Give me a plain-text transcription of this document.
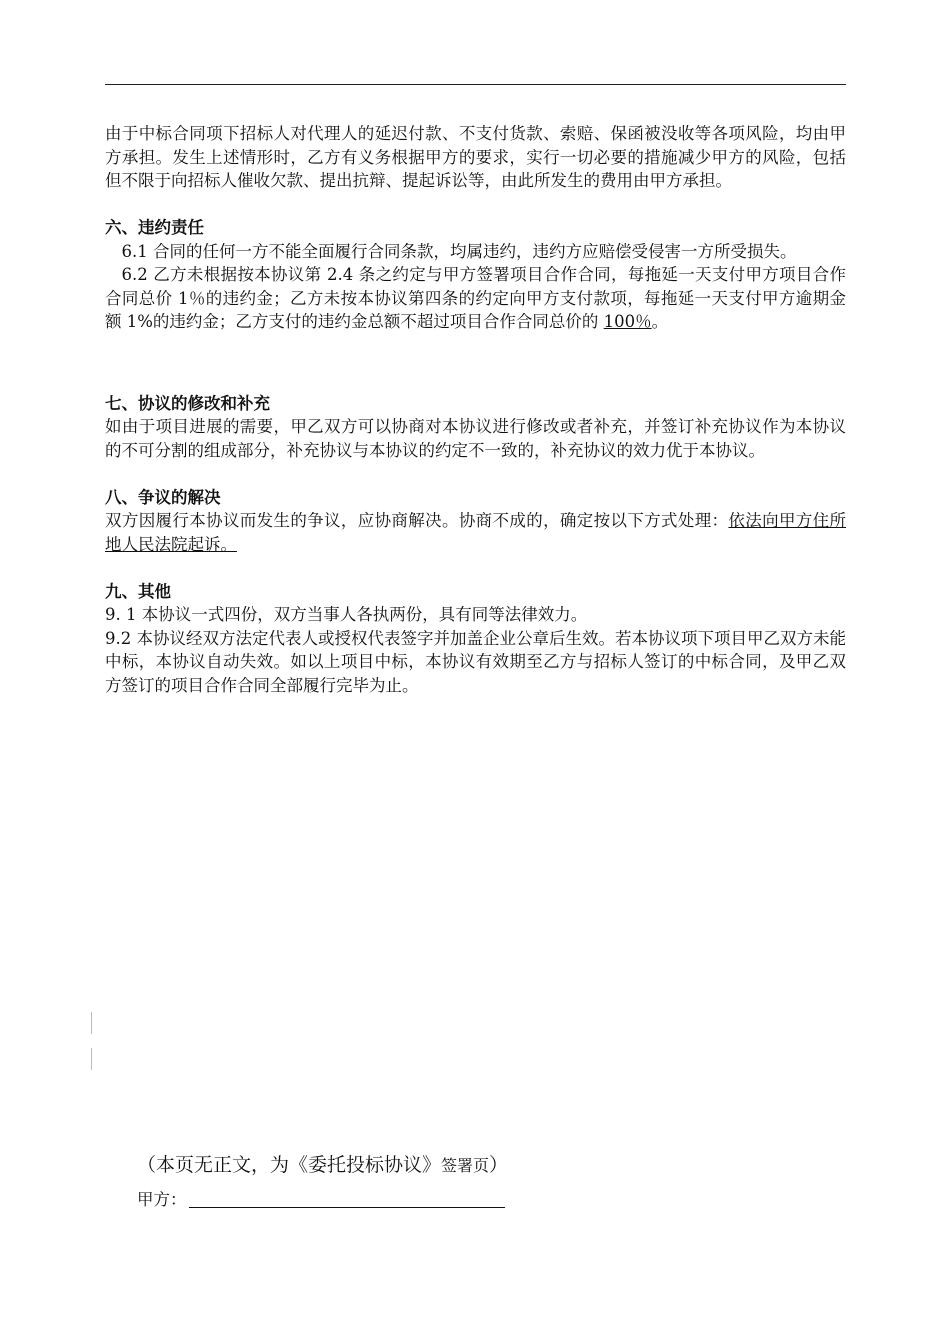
由于中标合同项下招标人对代理人的延迟付款、不支付货款、索赔、保函被没收等各项风险，均由甲方承担。发生上述情形时，乙方有义务根据甲方的要求，实行一切必要的措施减少甲方的风险，包括但不限于向招标人催收欠款、提出抗辩、提起诉讼等，由此所发生的费用由甲方承担。

六、违约责任

6.1 合同的任何一方不能全面履行合同条款，均属违约，违约方应赔偿受侵害一方所受损失。

6.2 乙方未根据按本协议第 2.4 条之约定与甲方签署项目合作合同，每拖延一天支付甲方项目合作合同总价 1％的违约金；乙方未按本协议第四条的约定向甲方支付款项，每拖延一天支付甲方逾期金额 1%的违约金；乙方支付的违约金总额不超过项目合作合同总价的 100％。

七、协议的修改和补充

如由于项目进展的需要，甲乙双方可以协商对本协议进行修改或者补充，并签订补充协议作为本协议的不可分割的组成部分，补充协议与本协议的约定不一致的，补充协议的效力优于本协议。

八、争议的解决

双方因履行本协议而发生的争议，应协商解决。协商不成的，确定按以下方式处理：依法向甲方住所地人民法院起诉。

九、其他

9. 1 本协议一式四份，双方当事人各执两份，具有同等法律效力。

9.2 本协议经双方法定代表人或授权代表签字并加盖企业公章后生效。若本协议项下项目甲乙双方未能中标，本协议自动失效。如以上项目中标，本协议有效期至乙方与招标人签订的中标合同，及甲乙双方签订的项目合作合同全部履行完毕为止。

（本页无正文，为《委托投标协议》签署页）
甲方：
